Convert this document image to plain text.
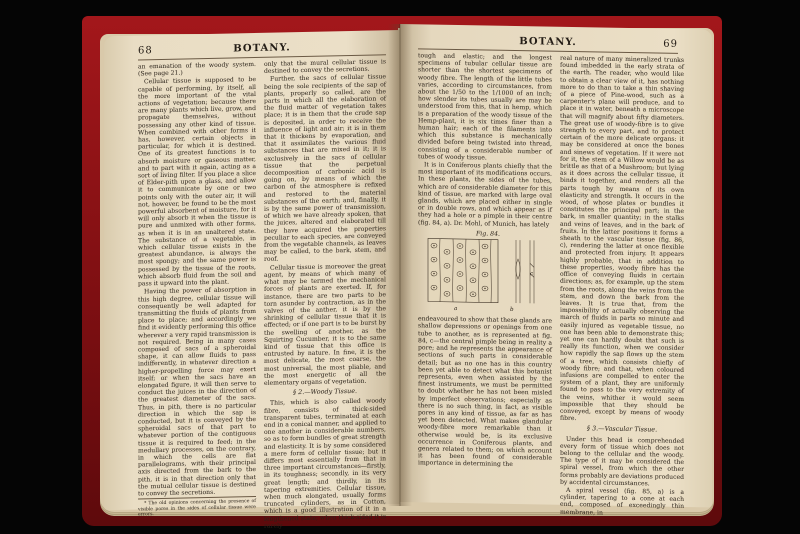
68	BOTANY.

an emanation of the woody system. (See page 21.)

Cellular tissue is supposed to be capable of performing, by itself, all the more important of the vital actions of vegetation; because there are many plants which live, grow, and propagate themselves, without possessing any other kind of tissue. When combined with other forms it has, however, certain objects in particular, for which it is destined. One of its greatest functions is to absorb moisture or gaseous matter, and to part with it again, acting as a sort of living filter. If you place a slice of Elder-pith upon a glass, and allow it to communicate by one or two points only with the outer air, it will not, however, be found to be the most powerful absorbent of moisture, for it will only absorb it when the tissue is pure and unmixed with other forms, as when it is in an unaltered state. The substance of a vegetable, in which cellular tissue exists in the greatest abundance, is always the most spongy; and the same power is possessed by the tissue of the roots, which absorb fluid from the soil and pass it upward into the plant.

Having the power of absorption in this high degree, cellular tissue will consequently be well adapted for transmitting the fluids of plants from place to place; and accordingly we find it evidently performing this office wherever a very rapid transmission is not required. Being in many cases composed of sacs of a spheroidal shape, it can allow fluids to pass indifferently, in whatever direction a higher-propelling force may exert itself; or when the sacs have an elongated figure, it will then serve to conduct the juices in the direction of the greatest diameter of the sacs. Thus, in pith, there is no particular direction in which the sap is conducted, but it is conveyed by the spheroidal sacs of that part to whatever portion of the contiguous tissue it is required to feed; in the medullary processes, on the contrary, in which the cells are flat parallelograms, with their principal axis directed from the bark to the pith, it is in that direction only that the mutual cellular tissue is destined to convey the secretions.

* The old opinions concerning the presence of visible pores in the sides of cellular tissue were errors.

only that the mural cellular tissue is destined to convey the secretions.

Further, the sacs of cellular tissue being the sole recipients of the sap of plants, properly so called, are the parts in which all the elaboration of the fluid matter of vegetation takes place; it is in them that the crude sap is deposited, in order to receive the influence of light and air; it is in them that it thickens by evaporation, and that it assimilates the various fluid substances that are mixed in it; it is exclusively in the sacs of cellular tissue that the perpetual decomposition of carbonic acid is going on, by means of which the carbon of the atmosphere is refixed and restored to the material substances of the earth; and, finally, it is by the same power of transmission, of which we have already spoken, that the juices, altered and elaborated till they have acquired the properties peculiar to each species, are conveyed from the vegetable channels, as leaves may be called, to the bark, stem, and roof.

Cellular tissue is moreover the great agent, by means of which many of what may be termed the mechanical forces of plants are exerted. If, for instance, there are two parts to be torn asunder by contraction, as in the valves of the anther, it is by the shrinking of cellular tissue that it is effected; or if one part is to be burst by the swelling of another, as the Squirting Cucumber, it is to the same kind of tissue that this office is entrusted by nature. In fine, it is the most delicate, the most coarse, the most universal, the most pliable, and the most energetic of all the elementary organs of vegetation.

§ 2.—Woody Tissue.

This, which is also called woody fibre, consists of thick-sided transparent tubes, terminated at each end in a conical manner, and applied to one another in considerable numbers, so as to form bundles of great strength and elasticity. It is by some considered a mere form of cellular tissue; but it differs most essentially from that in three important circumstances—firstly, in its toughness; secondly, in its very great length; and thirdly, in its tapering extremities. Cellular tissue, when much elongated, usually forms truncated cylinders, as in Cotton, which is a good illustration of it in a lengthened state; when thick-sided it is rarely

BOTANY.	69

tough and elastic; and the longest specimens of tubular cellular tissue are shorter than the shortest specimens of woody fibre. The length of the little tubes varies, according to circumstances, from about the 1/50 to the 1/1000 of an inch; how slender its tubes usually are may be understood from this, that in hemp, which is a preparation of the woody tissue of the Hemp-plant, it is six times finer than a human hair; each of the filaments into which this substance is mechanically divided before being twisted into thread, consisting of a considerable number of tubes of woody tissue.

It is in Coniferous plants chiefly that the most important of its modifications occurs. In these plants, the sides of the tubes, which are of considerable diameter for this kind of tissue, are marked with large oval glands, which are placed either in single or in double rows, and which appear as if they had a hole or a pimple in their centre (fig. 84, a). Dr. Mohl, of Munich, has lately

Fig. 84.

a	b
c

endeavoured to show that these glands are shallow depressions or openings from one tube to another, as is represented at fig. 84, c—the central pimple being in reality a pore; and he represents the appearance of sections of such parts in considerable detail; but as no one has in this country been yet able to detect what this botanist represents, even when assisted by the finest instruments, we must be permitted to doubt whether he has not been misled by imperfect observations; especially as there is no such thing, in fact, as visible pores in any kind of tissue, as far as has yet been detected. What makes glandular woody-fibre more remarkable than it otherwise would be, is its exclusive occurrence in Coniferous plants, and genera related to them; on which account it has been found of considerable importance in determining the

real nature of many mineralized trunks found imbedded in the early strata of the earth. The reader, who would like to obtain a clear view of it, has nothing more to do than to take a thin shaving of a piece of Pine-wood, such as a carpenter's plane will produce, and to place it in water, beneath a microscope that will magnify about fifty diameters. The great use of woody-fibre is to give strength to every part, and to protect certain of the more delicate organs: it may be considered at once the bones and sinews of vegetation. If it were not for it, the stem of a Willow would be as brittle as that of a Mushroom; but lying as it does across the cellular tissue, it binds it together, and renders all the parts tough by means of its own elasticity and strength. It occurs in the wood, of whose plates or bundles it constitutes the principal part; in the bark, in smaller quantity; in the stalks and veins of leaves, and in the bark of fruits. In the latter positions it forms a sheath to the vascular tissue (fig. 86, c), rendering the latter at once flexible and protected from injury. It appears highly probable, that in addition to these properties, woody fibre has the office of conveying fluids in certain directions; as, for example, up the stem from the roots, along the veins from the stem, and down the bark from the leaves. It is true that, from the impossibility of actually observing the march of fluids in parts so minute and easily injured as vegetable tissue, no one has been able to demonstrate this; yet one can hardly doubt that such is really its function, when we consider how rapidly the sap flows up the stem of a tree, which consists chiefly of woody fibre; and that, when coloured infusions are compelled to enter the system of a plant, they are uniformly found to pass to the very extremity of the veins, whither it would seem impossible that they should be conveyed, except by means of woody fibre.

§ 3.—Vascular Tissue.

Under this head is comprehended every form of tissue which does not belong to the cellular and the woody. The type of it may be considered the spiral vessel, from which the other forms probably are deviations produced by accidental circumstances.

A spiral vessel (fig. 85, a) is a cylinder, tapering to a cone at each end, composed of exceedingly thin membrane, in
